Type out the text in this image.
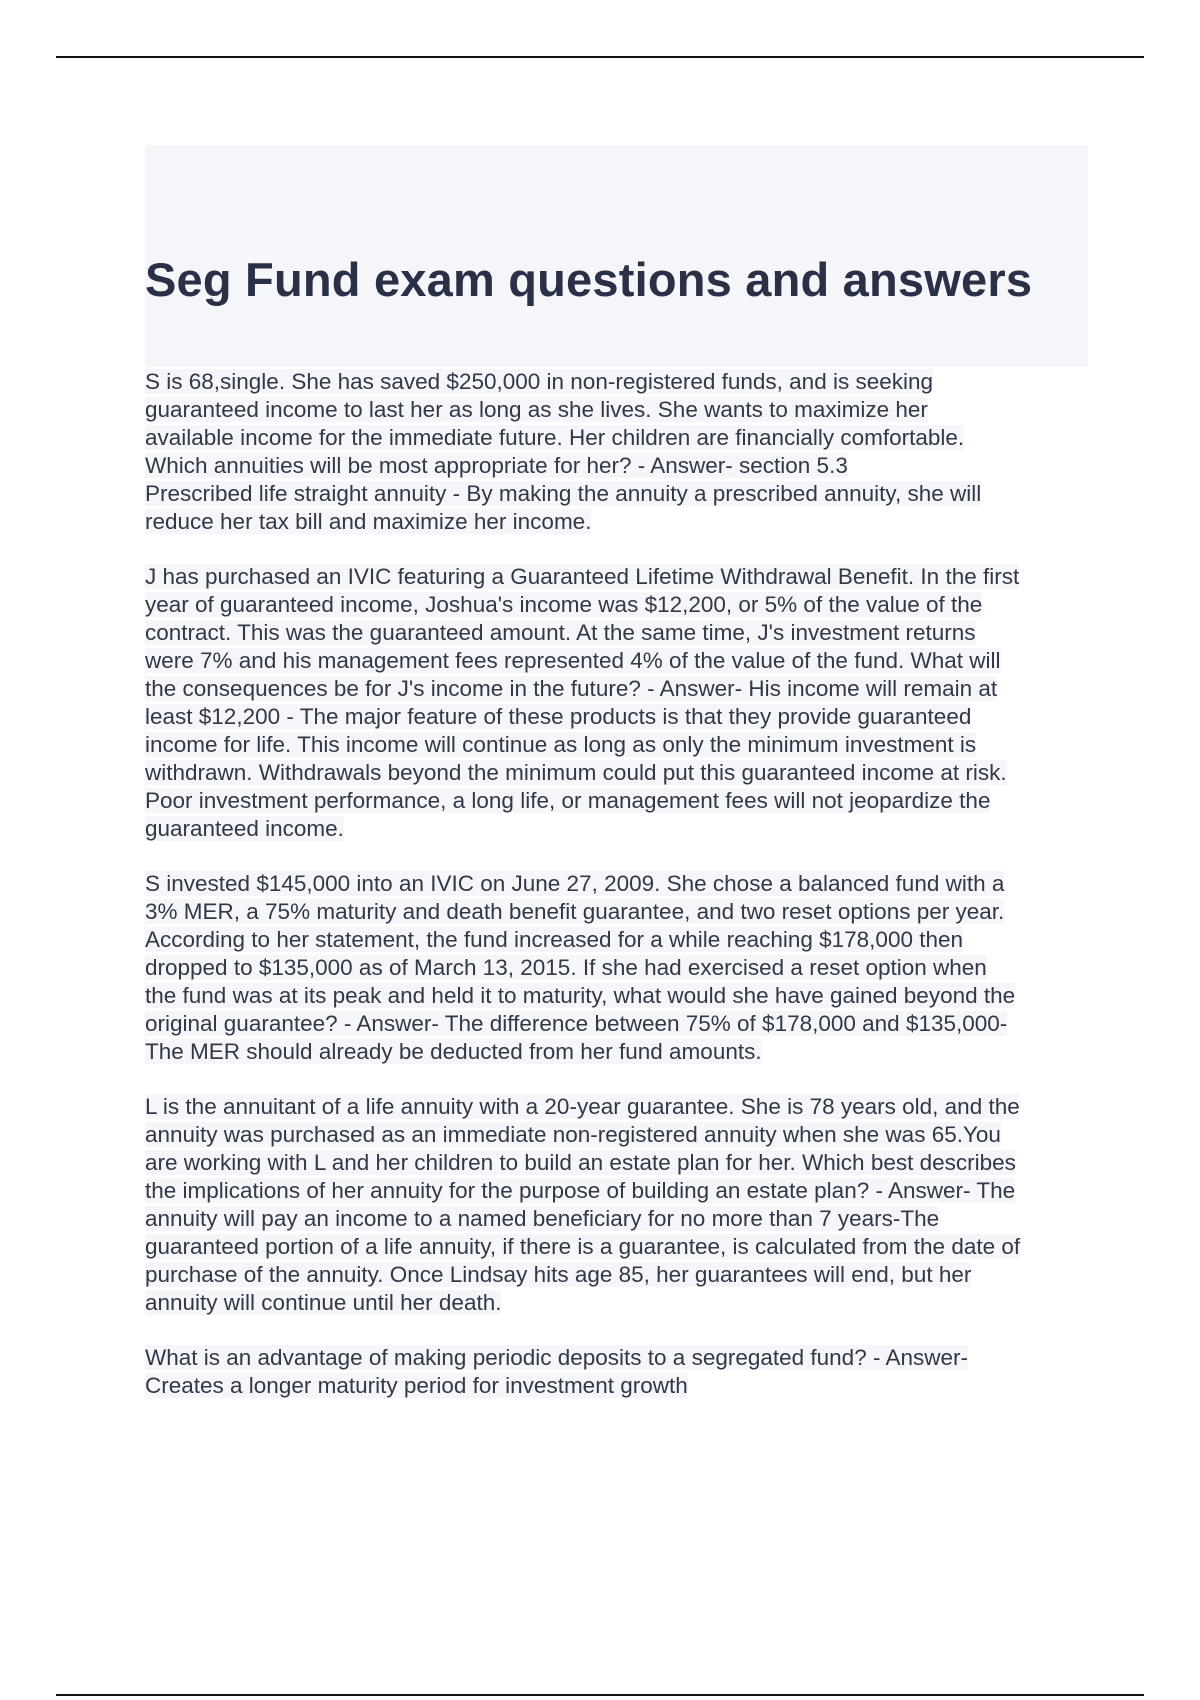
Seg Fund exam questions and answers

S is 68,single. She has saved $250,000 in non-registered funds, and is seeking
guaranteed income to last her as long as she lives. She wants to maximize her
available income for the immediate future. Her children are financially comfortable.
Which annuities will be most appropriate for her? - Answer- section 5.3
Prescribed life straight annuity - By making the annuity a prescribed annuity, she will
reduce her tax bill and maximize her income.

J has purchased an IVIC featuring a Guaranteed Lifetime Withdrawal Benefit. In the first
year of guaranteed income, Joshua's income was $12,200, or 5% of the value of the
contract. This was the guaranteed amount. At the same time, J's investment returns
were 7% and his management fees represented 4% of the value of the fund. What will
the consequences be for J's income in the future? - Answer- His income will remain at
least $12,200 - The major feature of these products is that they provide guaranteed
income for life. This income will continue as long as only the minimum investment is
withdrawn. Withdrawals beyond the minimum could put this guaranteed income at risk.
Poor investment performance, a long life, or management fees will not jeopardize the
guaranteed income.

S invested $145,000 into an IVIC on June 27, 2009. She chose a balanced fund with a
3% MER, a 75% maturity and death benefit guarantee, and two reset options per year.
According to her statement, the fund increased for a while reaching $178,000 then
dropped to $135,000 as of March 13, 2015. If she had exercised a reset option when
the fund was at its peak and held it to maturity, what would she have gained beyond the
original guarantee? - Answer- The difference between 75% of $178,000 and $135,000-
The MER should already be deducted from her fund amounts.

L is the annuitant of a life annuity with a 20-year guarantee. She is 78 years old, and the
annuity was purchased as an immediate non-registered annuity when she was 65.You
are working with L and her children to build an estate plan for her. Which best describes
the implications of her annuity for the purpose of building an estate plan? - Answer- The
annuity will pay an income to a named beneficiary for no more than 7 years-The
guaranteed portion of a life annuity, if there is a guarantee, is calculated from the date of
purchase of the annuity. Once Lindsay hits age 85, her guarantees will end, but her
annuity will continue until her death.

What is an advantage of making periodic deposits to a segregated fund? - Answer-
Creates a longer maturity period for investment growth
